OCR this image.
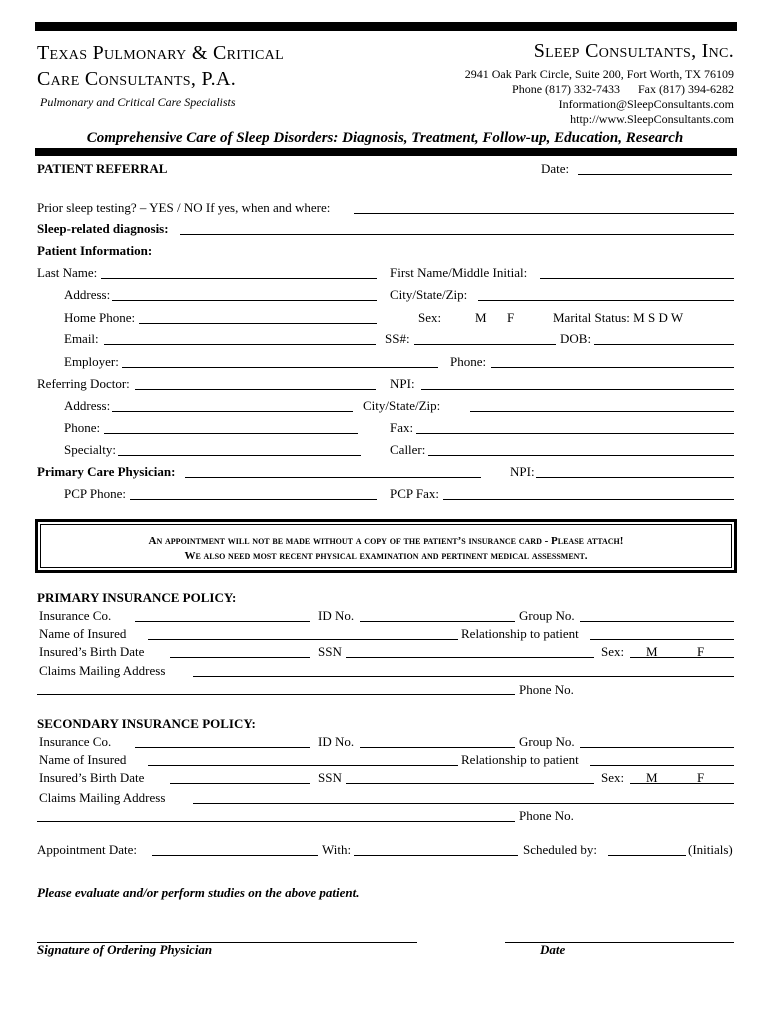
Texas Pulmonary & Critical
Care Consultants, P.A.
Pulmonary and Critical Care Specialists
Sleep Consultants, Inc.
2941 Oak Park Circle, Suite 200, Fort Worth, TX 76109
Phone (817) 332-7433      Fax (817) 394-6282
Information@SleepConsultants.com
http://www.SleepConsultants.com
Comprehensive Care of Sleep Disorders: Diagnosis, Treatment, Follow-up, Education, Research
PATIENT REFERRAL	Date:
Prior sleep testing? – YES / NO If yes, when and where:
Sleep-related diagnosis:
Patient Information:
Last Name:	First Name/Middle Initial:
Address:	City/State/Zip:
Home Phone:	Sex:	M F	Marital Status: M S D W
Email:	SS#:	DOB:
Employer:	Phone:
Referring Doctor:	NPI:
Address:	City/State/Zip:
Phone:	Fax:
Specialty:	Caller:
Primary Care Physician:	NPI:
PCP Phone:	PCP Fax:
An appointment will not be made without a copy of the patient’s insurance card - Please attach!
We also need most recent physical examination and pertinent medical assessment.
PRIMARY INSURANCE POLICY:
Insurance Co.	ID No.	Group No.
Name of Insured	Relationship to patient
Insured’s Birth Date	SSN	Sex: M	F
Claims Mailing Address
Phone No.
SECONDARY INSURANCE POLICY:
Insurance Co.	ID No.	Group No.
Name of Insured	Relationship to patient
Insured’s Birth Date	SSN	Sex: M	F
Claims Mailing Address
Phone No.
Appointment Date:	With:	Scheduled by:	(Initials)
Please evaluate and/or perform studies on the above patient.
Signature of Ordering Physician	Date
